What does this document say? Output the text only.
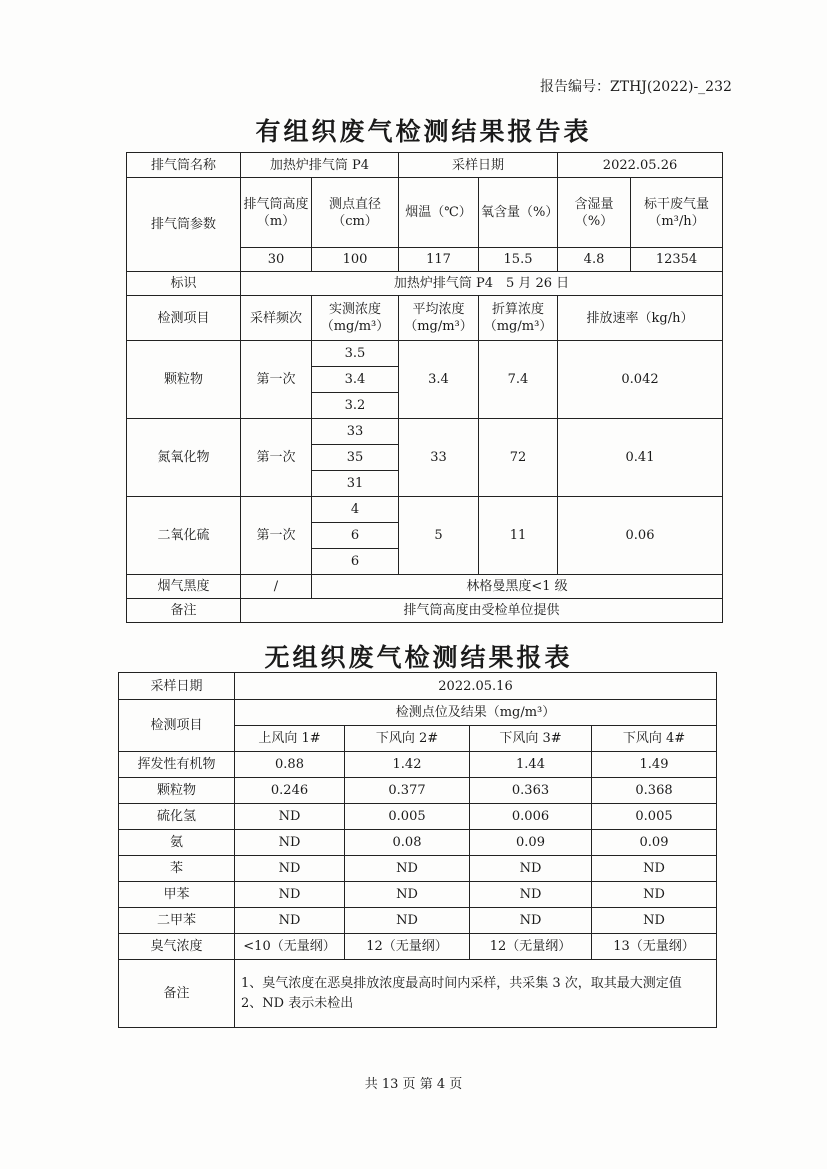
报告编号：ZTHJ(2022)-_232
有组织废气检测结果报告表
排气筒名称	加热炉排气筒 P4		采样日期		2022.05.26	
排气筒参数	排气筒高度（m）	测点直径（cm）	烟温（℃）	氧含量（%）	含湿量（%）	标干废气量（m³/h）
	30	100	117	15.5	4.8	12354
标识	加热炉排气筒 P4　5 月 26 日					
检测项目	采样频次	实测浓度（mg/m³）	平均浓度（mg/m³）	折算浓度（mg/m³）	排放速率（kg/h）	
颗粒物	第一次	3.5	3.4	7.4	0.042	
		3.4				
		3.2				
氮氧化物	第一次	33	33	72	0.41	
		35				
		31				
二氧化硫	第一次	4	5	11	0.06	
		6				
		6				
烟气黑度	/	林格曼黑度<1 级				
备注	排气筒高度由受检单位提供					
无组织废气检测结果报表
采样日期	2022.05.16			
检测项目	检测点位及结果（mg/m³）			
	上风向 1#	下风向 2#	下风向 3#	下风向 4#
挥发性有机物	0.88	1.42	1.44	1.49
颗粒物	0.246	0.377	0.363	0.368
硫化氢	ND	0.005	0.006	0.005
氨	ND	0.08	0.09	0.09
苯	ND	ND	ND	ND
甲苯	ND	ND	ND	ND
二甲苯	ND	ND	ND	ND
臭气浓度	<10（无量纲）	12（无量纲）	12（无量纲）	13（无量纲）
备注	1、臭气浓度在恶臭排放浓度最高时间内采样，共采集 3 次，取其最大测定值
2、ND 表示未检出			
共 13 页 第 4 页
